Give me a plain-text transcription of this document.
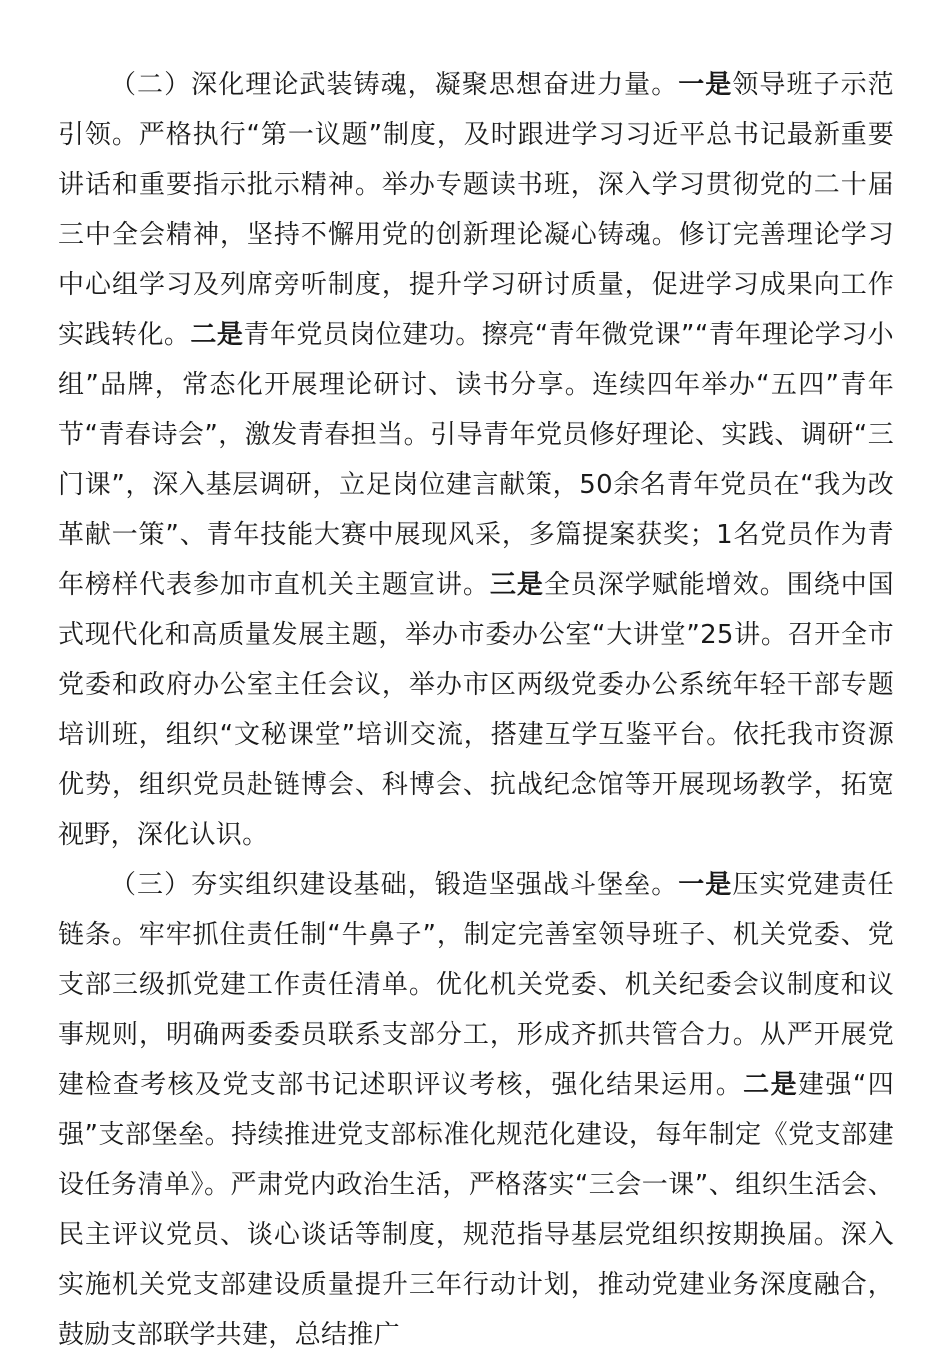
（二）深化理论武装铸魂，凝聚思想奋进力量。一是领导班子示范引领。严格执行“第一议题”制度，及时跟进学习习近平总书记最新重要讲话和重要指示批示精神。举办专题读书班，深入学习贯彻党的二十届三中全会精神，坚持不懈用党的创新理论凝心铸魂。修订完善理论学习中心组学习及列席旁听制度，提升学习研讨质量，促进学习成果向工作实践转化。二是青年党员岗位建功。擦亮“青年微党课”“青年理论学习小组”品牌，常态化开展理论研讨、读书分享。连续四年举办“五四”青年节“青春诗会”，激发青春担当。引导青年党员修好理论、实践、调研“三门课”，深入基层调研，立足岗位建言献策，50余名青年党员在“我为改革献一策”、青年技能大赛中展现风采，多篇提案获奖；1名党员作为青年榜样代表参加市直机关主题宣讲。三是全员深学赋能增效。围绕中国式现代化和高质量发展主题，举办市委办公室“大讲堂”25讲。召开全市党委和政府办公室主任会议，举办市区两级党委办公系统年轻干部专题培训班，组织“文秘课堂”培训交流，搭建互学互鉴平台。依托我市资源优势，组织党员赴链博会、科博会、抗战纪念馆等开展现场教学，拓宽视野，深化认识。

（三）夯实组织建设基础，锻造坚强战斗堡垒。一是压实党建责任链条。牢牢抓住责任制“牛鼻子”，制定完善室领导班子、机关党委、党支部三级抓党建工作责任清单。优化机关党委、机关纪委会议制度和议事规则，明确两委委员联系支部分工，形成齐抓共管合力。从严开展党建检查考核及党支部书记述职评议考核，强化结果运用。二是建强“四强”支部堡垒。持续推进党支部标准化规范化建设，每年制定《党支部建设任务清单》。严肃党内政治生活，严格落实“三会一课”、组织生活会、民主评议党员、谈心谈话等制度，规范指导基层党组织按期换届。深入实施机关党支部建设质量提升三年行动计划，推动党建业务深度融合，鼓励支部联学共建，总结推广
